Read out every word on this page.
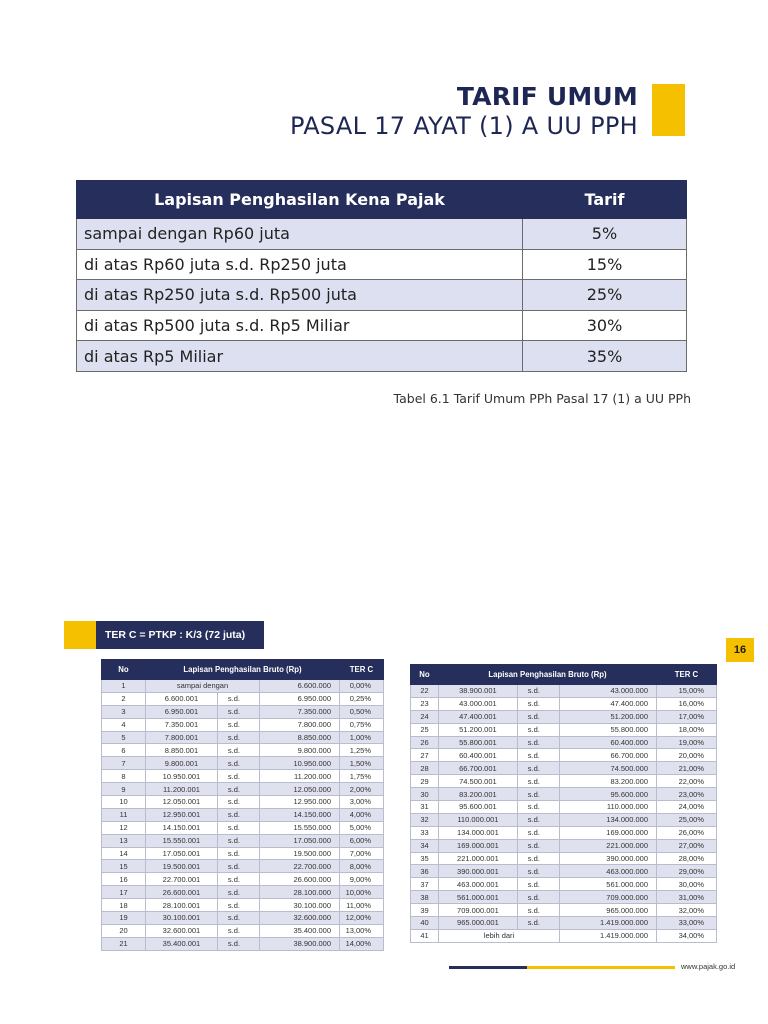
TARIF UMUM
PASAL 17 AYAT (1) A UU PPH
Lapisan Penghasilan Kena Pajak	Tarif
sampai dengan Rp60 juta	5%
di atas Rp60 juta s.d. Rp250 juta	15%
di atas Rp250 juta s.d. Rp500 juta	25%
di atas Rp500 juta s.d. Rp5 Miliar	30%
di atas Rp5 Miliar	35%
Tabel 6.1 Tarif Umum PPh Pasal 17 (1) a UU PPh
TER C = PTKP : K/3 (72 juta)
16
No	Lapisan Penghasilan Bruto (Rp)			TER C
1	sampai dengan		6.600.000	0,00%
2	6.600.001	s.d.	6.950.000	0,25%
3	6.950.001	s.d.	7.350.000	0,50%
4	7.350.001	s.d.	7.800.000	0,75%
5	7.800.001	s.d.	8.850.000	1,00%
6	8.850.001	s.d.	9.800.000	1,25%
7	9.800.001	s.d.	10.950.000	1,50%
8	10.950.001	s.d.	11.200.000	1,75%
9	11.200.001	s.d.	12.050.000	2,00%
10	12.050.001	s.d.	12.950.000	3,00%
11	12.950.001	s.d.	14.150.000	4,00%
12	14.150.001	s.d.	15.550.000	5,00%
13	15.550.001	s.d.	17.050.000	6,00%
14	17.050.001	s.d.	19.500.000	7,00%
15	19.500.001	s.d.	22.700.000	8,00%
16	22.700.001	s.d.	26.600.000	9,00%
17	26.600.001	s.d.	28.100.000	10,00%
18	28.100.001	s.d.	30.100.000	11,00%
19	30.100.001	s.d.	32.600.000	12,00%
20	32.600.001	s.d.	35.400.000	13,00%
21	35.400.001	s.d.	38.900.000	14,00%
No	Lapisan Penghasilan Bruto (Rp)			TER C
22	38.900.001	s.d.	43.000.000	15,00%
23	43.000.001	s.d.	47.400.000	16,00%
24	47.400.001	s.d.	51.200.000	17,00%
25	51.200.001	s.d.	55.800.000	18,00%
26	55.800.001	s.d.	60.400.000	19,00%
27	60.400.001	s.d.	66.700.000	20,00%
28	66.700.001	s.d.	74.500.000	21,00%
29	74.500.001	s.d.	83.200.000	22,00%
30	83.200.001	s.d.	95.600.000	23,00%
31	95.600.001	s.d.	110.000.000	24,00%
32	110.000.001	s.d.	134.000.000	25,00%
33	134.000.001	s.d.	169.000.000	26,00%
34	169.000.001	s.d.	221.000.000	27,00%
35	221.000.001	s.d.	390.000.000	28,00%
36	390.000.001	s.d.	463.000.000	29,00%
37	463.000.001	s.d.	561.000.000	30,00%
38	561.000.001	s.d.	709.000.000	31,00%
39	709.000.001	s.d.	965.000.000	32,00%
40	965.000.001	s.d.	1.419.000.000	33,00%
41	lebih dari		1.419.000.000	34,00%
www.pajak.go.id
